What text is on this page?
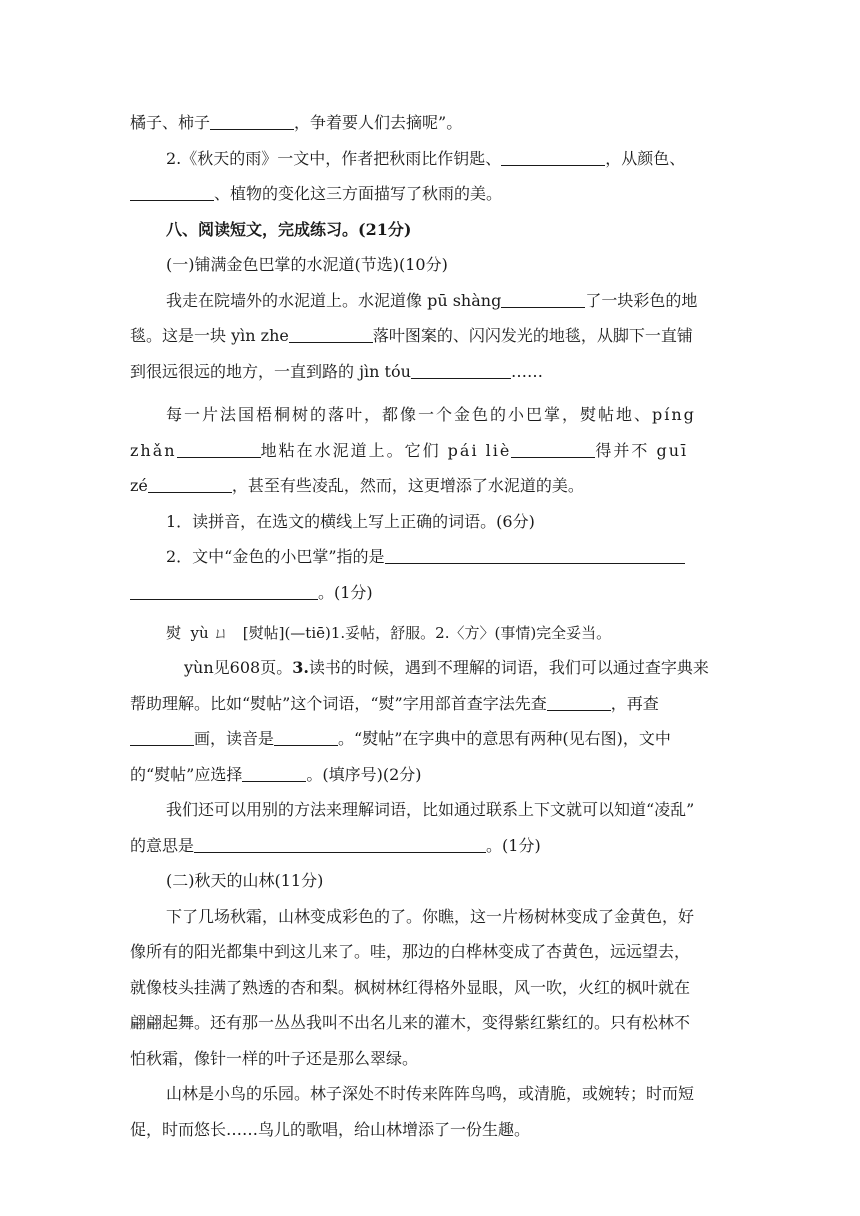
橘子、柿子	，争着要人们去摘呢”。
2.《秋天的雨》一文中，作者把秋雨比作钥匙、	，从颜色、
、植物的变化这三方面描写了秋雨的美。
八、阅读短文，完成练习。(21分)
(一)铺满金色巴掌的水泥道(节选)(10分)
我走在院墙外的水泥道上。水泥道像 pū shàng	了一块彩色的地
毯。这是一块 yìn zhe	落叶图案的、闪闪发光的地毯，从脚下一直铺
到很远很远的地方，一直到路的 jìn tóu	……
每一片法国梧桐树的落叶，都像一个金色的小巴掌，熨帖地、píng
zhǎn	地粘在水泥道上。它们 pái liè	得并不 guī
zé	，甚至有些凌乱，然而，这更增添了水泥道的美。
1．读拼音，在选文的横线上写上正确的词语。(6分)
2．文中“金色的小巴掌”指的是
。(1分)
熨  yù ㄩ   [熨帖](—tiē)1.妥帖，舒服。2.〈方〉(事情)完全妥当。
yùn见608页。3.读书的时候，遇到不理解的词语，我们可以通过查字典来
帮助理解。比如“熨帖”这个词语，“熨”字用部首查字法先查	，再查
画，读音是	。“熨帖”在字典中的意思有两种(见右图)，文中
的“熨帖”应选择	。(填序号)(2分)
我们还可以用别的方法来理解词语，比如通过联系上下文就可以知道“凌乱”
的意思是	。(1分)
(二)秋天的山林(11分)
下了几场秋霜，山林变成彩色的了。你瞧，这一片杨树林变成了金黄色，好
像所有的阳光都集中到这儿来了。哇，那边的白桦林变成了杏黄色，远远望去，
就像枝头挂满了熟透的杏和梨。枫树林红得格外显眼，风一吹，火红的枫叶就在
翩翩起舞。还有那一丛丛我叫不出名儿来的灌木，变得紫红紫红的。只有松林不
怕秋霜，像针一样的叶子还是那么翠绿。
山林是小鸟的乐园。林子深处不时传来阵阵鸟鸣，或清脆，或婉转；时而短
促，时而悠长……鸟儿的歌唱，给山林增添了一份生趣。
